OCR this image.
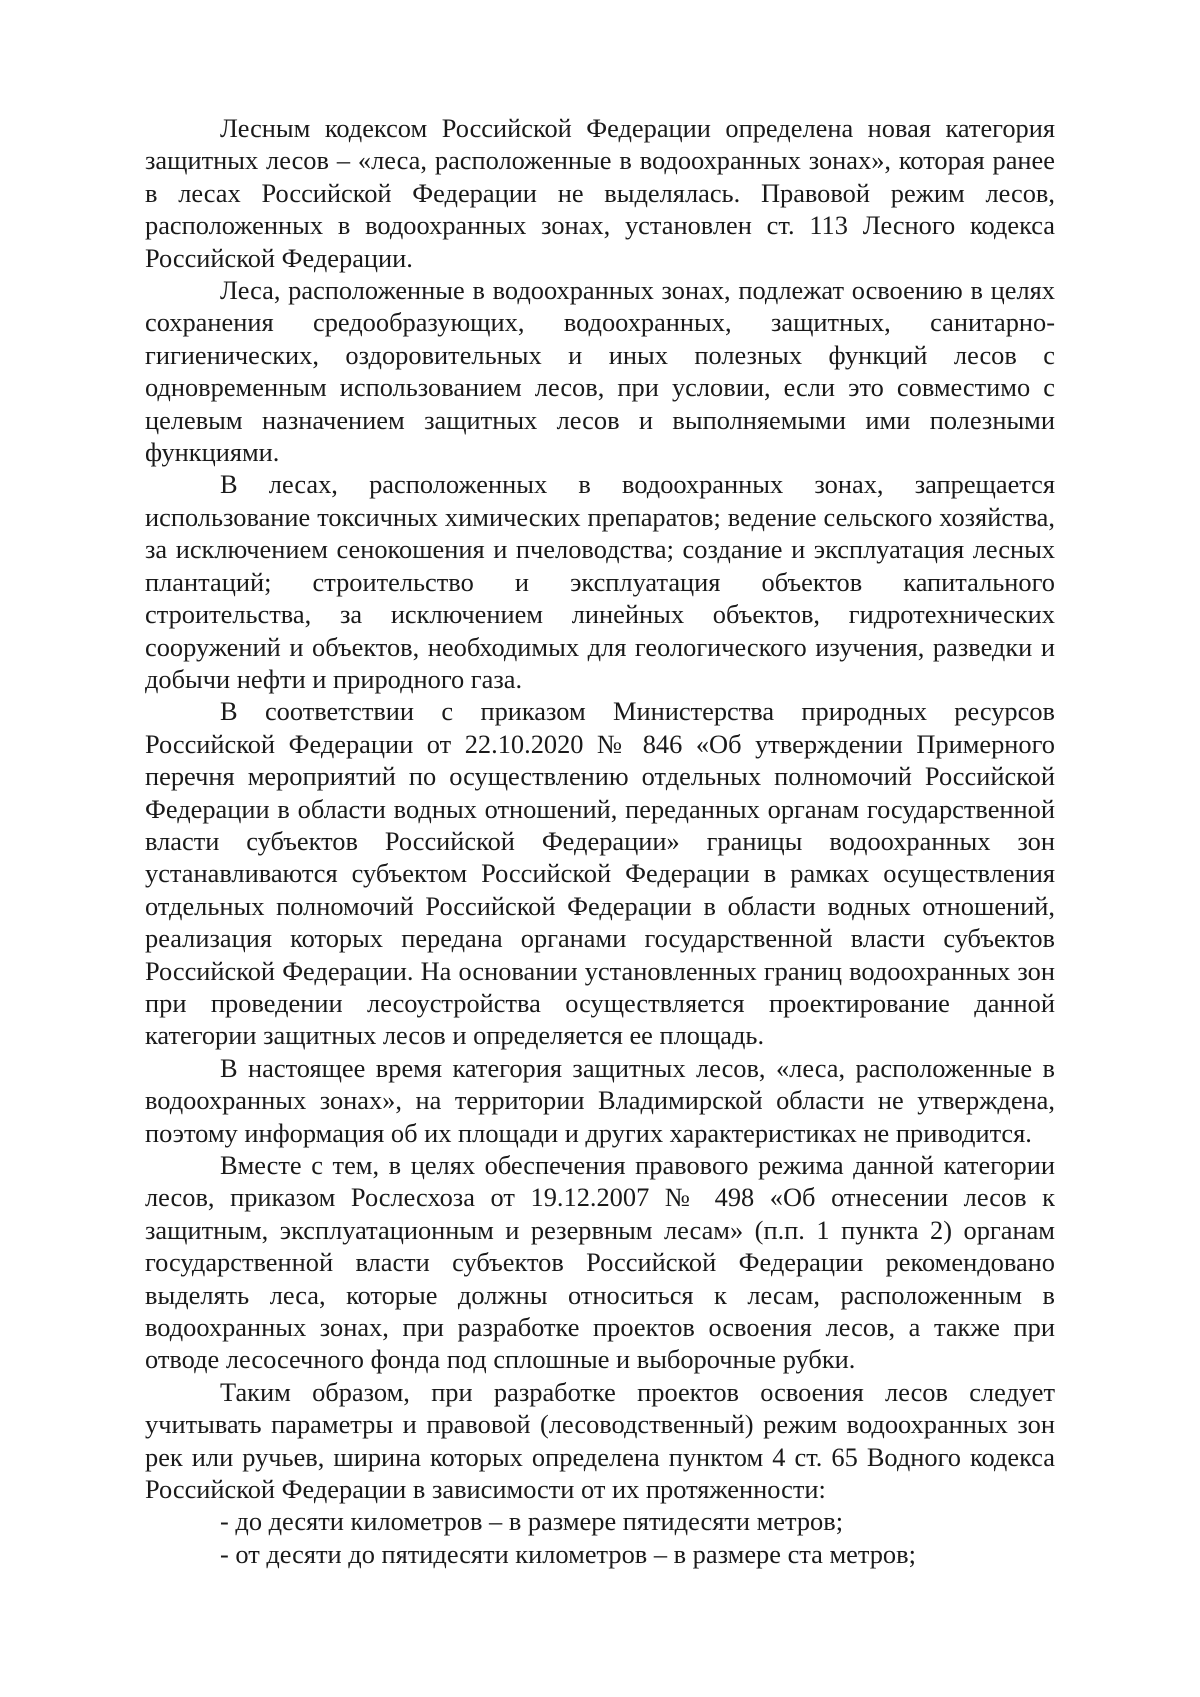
Лесным кодексом Российской Федерации определена новая категория защитных лесов – «леса, расположенные в водоохранных зонах», которая ранее в лесах Российской Федерации не выделялась. Правовой режим лесов, расположенных в водоохранных зонах, установлен ст. 113 Лесного кодекса Российской Федерации.

Леса, расположенные в водоохранных зонах, подлежат освоению в целях сохранения средообразующих, водоохранных, защитных, санитарно-гигиенических, оздоровительных и иных полезных функций лесов с одновременным использованием лесов, при условии, если это совместимо с целевым назначением защитных лесов и выполняемыми ими полезными функциями.

В лесах, расположенных в водоохранных зонах, запрещается использование токсичных химических препаратов; ведение сельского хозяйства, за исключением сенокошения и пчеловодства; создание и эксплуатация лесных плантаций; строительство и эксплуатация объектов капитального строительства, за исключением линейных объектов, гидротехнических сооружений и объектов, необходимых для геологического изучения, разведки и добычи нефти и природного газа.

В соответствии с приказом Министерства природных ресурсов Российской Федерации от 22.10.2020 № 846 «Об утверждении Примерного перечня мероприятий по осуществлению отдельных полномочий Российской Федерации в области водных отношений, переданных органам государственной власти субъектов Российской Федерации» границы водоохранных зон устанавливаются субъектом Российской Федерации в рамках осуществления отдельных полномочий Российской Федерации в области водных отношений, реализация которых передана органами государственной власти субъектов Российской Федерации. На основании установленных границ водоохранных зон при проведении лесоустройства осуществляется проектирование данной категории защитных лесов и определяется ее площадь.

В настоящее время категория защитных лесов, «леса, расположенные в водоохранных зонах», на территории Владимирской области не утверждена, поэтому информация об их площади и других характеристиках не приводится.

Вместе с тем, в целях обеспечения правового режима данной категории лесов, приказом Рослесхоза от 19.12.2007 № 498 «Об отнесении лесов к защитным, эксплуатационным и резервным лесам» (п.п. 1 пункта 2) органам государственной власти субъектов Российской Федерации рекомендовано выделять леса, которые должны относиться к лесам, расположенным в водоохранных зонах, при разработке проектов освоения лесов, а также при отводе лесосечного фонда под сплошные и выборочные рубки.

Таким образом, при разработке проектов освоения лесов следует учитывать параметры и правовой (лесоводственный) режим водоохранных зон рек или ручьев, ширина которых определена пунктом 4 ст. 65 Водного кодекса Российской Федерации в зависимости от их протяженности:

- до десяти километров – в размере пятидесяти метров;

- от десяти до пятидесяти километров – в размере ста метров;
